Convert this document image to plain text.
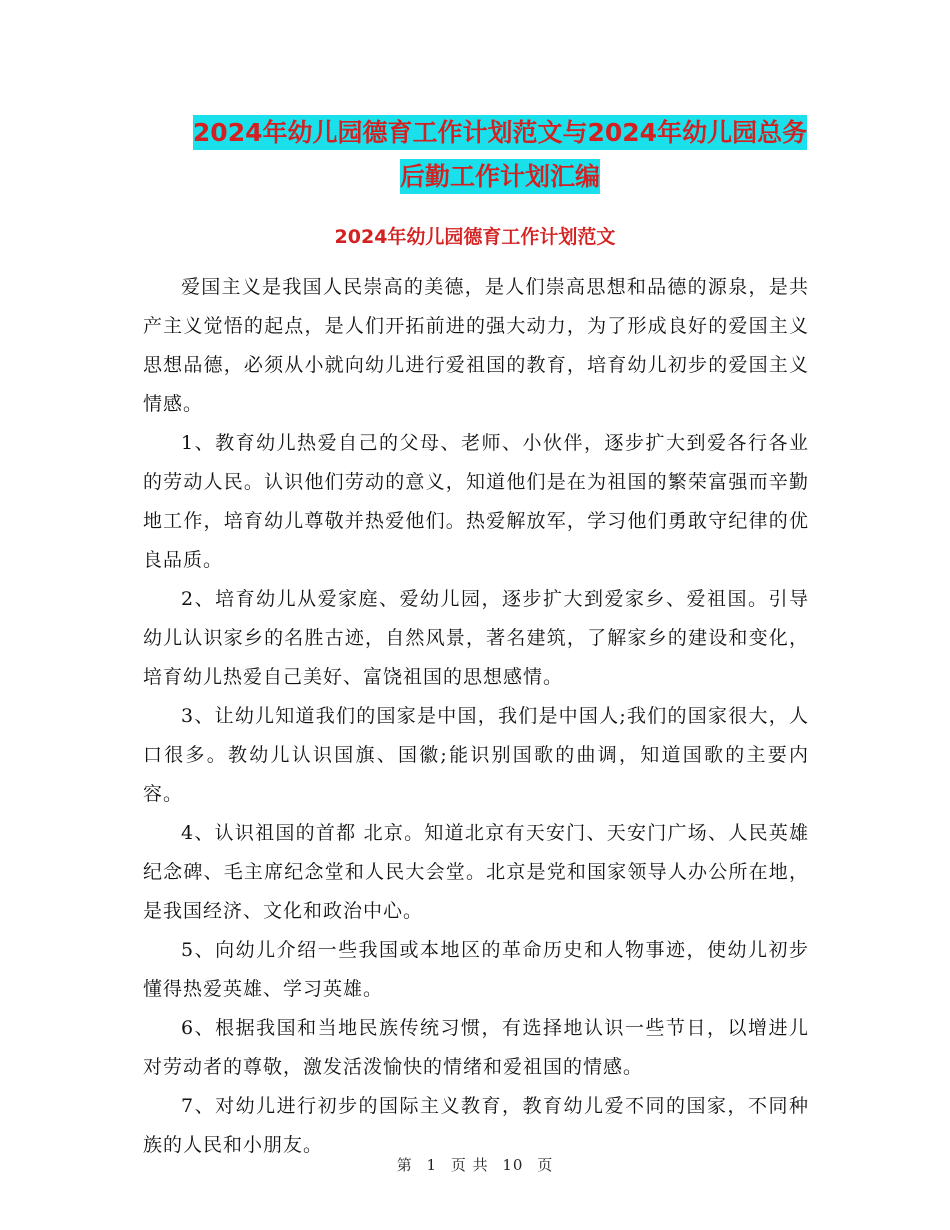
2024年幼儿园德育工作计划范文与2024年幼儿园总务
后勤工作计划汇编
2024年幼儿园德育工作计划范文

爱国主义是我国人民崇高的美德，是人们崇高思想和品德的源泉，是共产主义觉悟的起点，是人们开拓前进的强大动力，为了形成良好的爱国主义思想品德，必须从小就向幼儿进行爱祖国的教育，培育幼儿初步的爱国主义情感。

1、教育幼儿热爱自己的父母、老师、小伙伴，逐步扩大到爱各行各业的劳动人民。认识他们劳动的意义，知道他们是在为祖国的繁荣富强而辛勤地工作，培育幼儿尊敬并热爱他们。热爱解放军，学习他们勇敢守纪律的优良品质。

2、培育幼儿从爱家庭、爱幼儿园，逐步扩大到爱家乡、爱祖国。引导幼儿认识家乡的名胜古迹，自然风景，著名建筑，了解家乡的建设和变化，培育幼儿热爱自己美好、富饶祖国的思想感情。

3、让幼儿知道我们的国家是中国，我们是中国人;我们的国家很大，人口很多。教幼儿认识国旗、国徽;能识别国歌的曲调，知道国歌的主要内容。

4、认识祖国的首都 北京。知道北京有天安门、天安门广场、人民英雄纪念碑、毛主席纪念堂和人民大会堂。北京是党和国家领导人办公所在地，是我国经济、文化和政治中心。

5、向幼儿介绍一些我国或本地区的革命历史和人物事迹，使幼儿初步懂得热爱英雄、学习英雄。

6、根据我国和当地民族传统习惯，有选择地认识一些节日，以增进儿对劳动者的尊敬，激发活泼愉快的情绪和爱祖国的情感。

7、对幼儿进行初步的国际主义教育，教育幼儿爱不同的国家，不同种族的人民和小朋友。

第 1 页 共 10 页
